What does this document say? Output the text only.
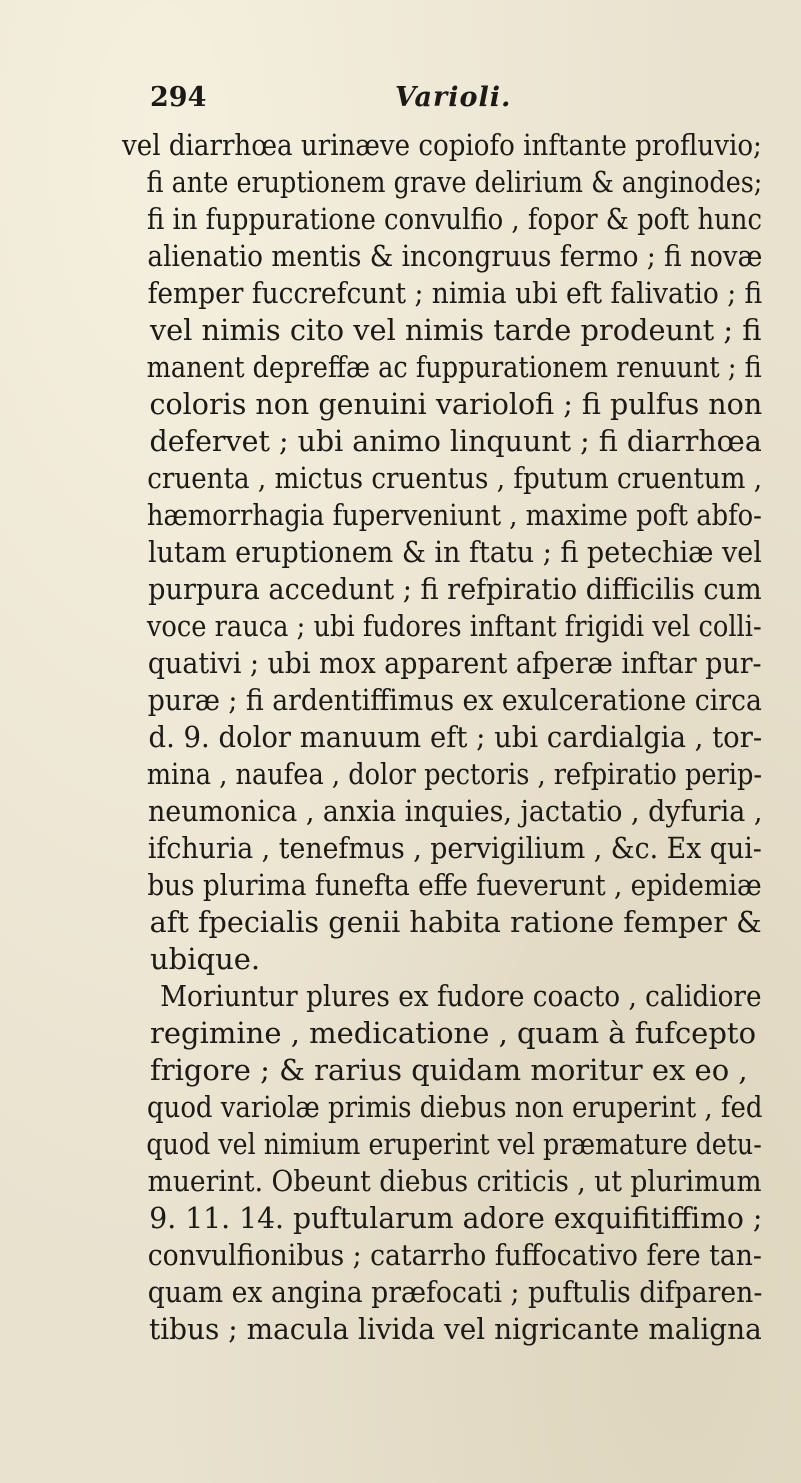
294	Varioli.
vel diarrhœa urinæve copiofo inftante profluvio;
fi ante eruptionem grave delirium & anginodes;
fi in fuppuratione convulfio , fopor & poft hunc
alienatio mentis & incongruus fermo ; fi novæ
femper fuccrefcunt ; nimia ubi eft falivatio ; fi
vel nimis cito vel nimis tarde prodeunt ; fi
manent depreffæ ac fuppurationem renuunt ; fi
coloris non genuini variolofi ; fi pulfus non
defervet ; ubi animo linquunt ; fi diarrhœa
cruenta , mictus cruentus , fputum cruentum ,
hæmorrhagia fuperveniunt , maxime poft abfo-
lutam eruptionem & in ftatu ; fi petechiæ vel
purpura accedunt ; fi refpiratio difficilis cum
voce rauca ; ubi fudores inftant frigidi vel colli-
quativi ; ubi mox apparent afperæ inftar pur-
puræ ; fi ardentiffimus ex exulceratione circa
d. 9. dolor manuum eft ; ubi cardialgia , tor-
mina , naufea , dolor pectoris , refpiratio perip-
neumonica , anxia inquies, jactatio , dyfuria ,
ifchuria , tenefmus , pervigilium , &c. Ex qui-
bus plurima funefta effe fueverunt , epidemiæ
aft fpecialis genii habita ratione femper &
ubique.
Moriuntur plures ex fudore coacto , calidiore
regimine , medicatione , quam à fufcepto
frigore ; & rarius quidam moritur ex eo ,
quod variolæ primis diebus non eruperint , fed
quod vel nimium eruperint vel præmature detu-
muerint. Obeunt diebus criticis , ut plurimum
9. 11. 14. puftularum adore exquifitiffimo ;
convulfionibus ; catarrho fuffocativo fere tan-
quam ex angina præfocati ; puftulis difparen-
tibus ; macula livida vel nigricante maligna
